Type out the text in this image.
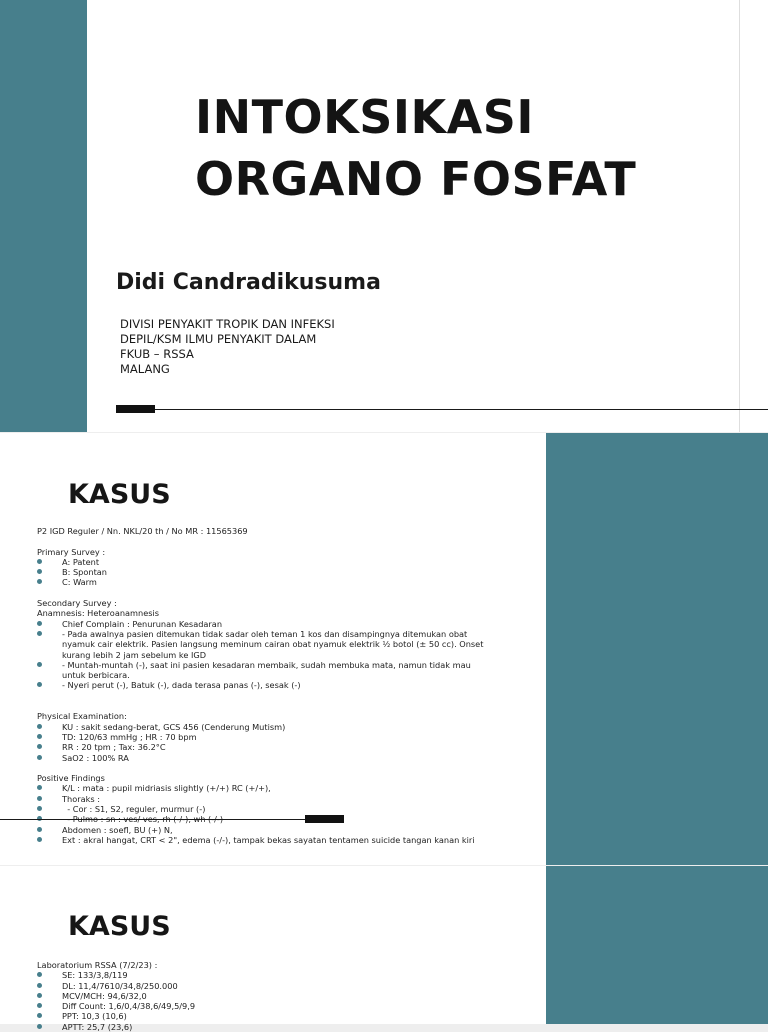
INTOKSIKASI
ORGANO FOSFAT
Didi Candradikusuma
DIVISI PENYAKIT TROPIK DAN INFEKSI
DEPIL/KSM ILMU PENYAKIT DALAM
FKUB – RSSA
MALANG
KASUS

P2 IGD Reguler / Nn. NKL/20 th / No MR : 11565369

Primary Survey :

A: Patent
B: Spontan
C: Warm

Secondary Survey :

Anamnesis: Heteroanamnesis

Chief Complain : Penurunan Kesadaran
- Pada awalnya pasien ditemukan tidak sadar oleh teman 1 kos dan disampingnya ditemukan obat
nyamuk cair elektrik. Pasien langsung meminum cairan obat nyamuk elektrik ½ botol (± 50 cc). Onset
kurang lebih 2 jam sebelum ke IGD
- Muntah-muntah (-), saat ini pasien kesadaran membaik, sudah membuka mata, namun tidak mau
untuk berbicara.
- Nyeri perut (-), Batuk (-), dada terasa panas (-), sesak (-)

Physical Examination:

KU : sakit sedang-berat, GCS 456 (Cenderung Mutism)
TD: 120/63 mmHg ; HR : 70 bpm
RR : 20 tpm ; Tax: 36.2°C
SaO2 : 100% RA

Positive Findings

K/L : mata : pupil midriasis slightly (+/+) RC (+/+),
Thoraks :
- Cor : S1, S2, reguler, murmur (-)
Abdomen : soefl, BU (+) N,
Ext : akral hangat, CRT < 2", edema (-/-), tampak bekas sayatan tentamen suicide tangan kanan kiri
KASUS

Laboratorium RSSA (7/2/23) :

SE: 133/3,8/119
DL: 11,4/7610/34,8/250.000
MCV/MCH: 94,6/32,0
Diff Count: 1,6/0,4/38,6/49,5/9,9
PPT: 10,3 (10,6)
APTT: 25,7 (23,6)
